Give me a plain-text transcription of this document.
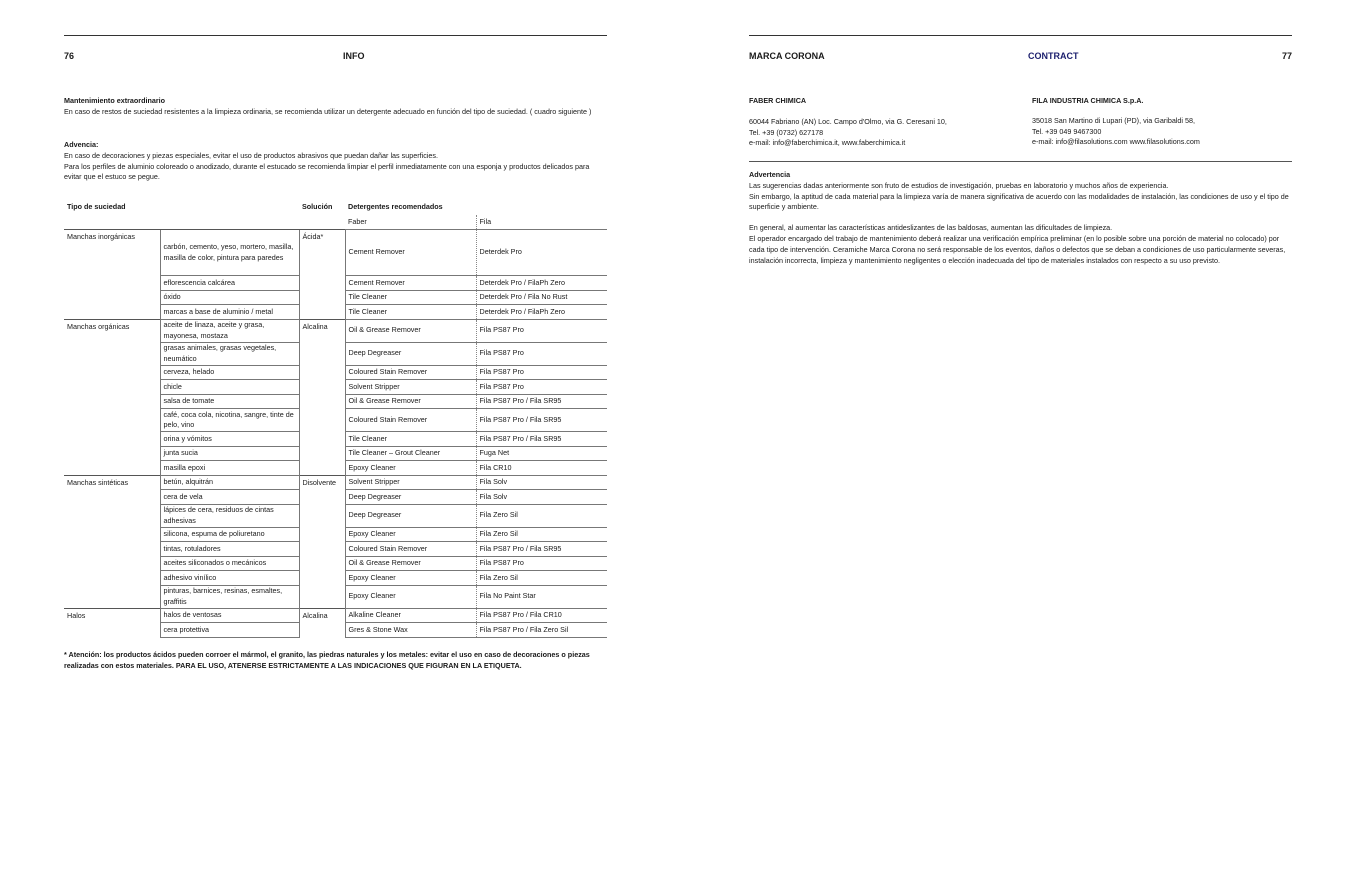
76	INFO
Mantenimiento extraordinario
En caso de restos de suciedad resistentes a la limpieza ordinaria, se recomienda utilizar un detergente adecuado en función del tipo de suciedad. ( cuadro siguiente )
Advencia:
En caso de decoraciones y piezas especiales, evitar el uso de productos abrasivos que puedan dañar las superficies.
Para los perfiles de aluminio coloreado o anodizado, durante el estucado se recomienda limpiar el perfil inmediatamente con una esponja y productos delicados para evitar que el estuco se pegue.
Tipo de suciedad		Solución	Detergentes recomendados	
			Faber	Fila
Manchas inorgánicas	carbón, cemento, yeso, mortero, masilla, masilla de color, pintura para paredes	Ácida*	Cement Remover	Deterdek Pro
	eflorescencia calcárea		Cement Remover	Deterdek Pro / FilaPh Zero
	óxido		Tile Cleaner	Deterdek Pro / Fila No Rust
	marcas a base de aluminio / metal		Tile Cleaner	Deterdek Pro / FilaPh Zero
Manchas orgánicas	aceite de linaza, aceite y grasa, mayonesa, mostaza	Alcalina	Oil & Grease Remover	Fila PS87 Pro
	grasas animales, grasas vegetales, neumático		Deep Degreaser	Fila PS87 Pro
	cerveza, helado		Coloured Stain Remover	Fila PS87 Pro
	chicle		Solvent Stripper	Fila PS87 Pro
	salsa de tomate		Oil & Grease Remover	Fila PS87 Pro / Fila SR95
	café, coca cola, nicotina, sangre, tinte de pelo, vino		Coloured Stain Remover	Fila PS87 Pro / Fila SR95
	orina y vómitos		Tile Cleaner	Fila PS87 Pro / Fila SR95
	junta sucia		Tile Cleaner – Grout Cleaner	Fuga Net
	masilla epoxi		Epoxy Cleaner	Fila CR10
Manchas sintéticas	betún, alquitrán	Disolvente	Solvent Stripper	Fila Solv
	cera de vela		Deep Degreaser	Fila Solv
	lápices de cera, residuos de cintas adhesivas		Deep Degreaser	Fila Zero Sil
	silicona, espuma de poliuretano		Epoxy Cleaner	Fila Zero Sil
	tintas, rotuladores		Coloured Stain Remover	Fila PS87 Pro / Fila SR95
	aceites siliconados o mecánicos		Oil & Grease Remover	Fila PS87 Pro
	adhesivo vinílico		Epoxy Cleaner	Fila Zero Sil
	pinturas, barnices, resinas, esmaltes, graffitis		Epoxy Cleaner	Fila No Paint Star
Halos	halos de ventosas	Alcalina	Alkaline Cleaner	Fila PS87 Pro / Fila CR10
	cera protettiva		Gres & Stone Wax	Fila PS87 Pro / Fila Zero Sil
* Atención: los productos ácidos pueden corroer el mármol, el granito, las piedras naturales y los metales: evitar el uso en caso de decoraciones o piezas realizadas con estos materiales. PARA EL USO, ATENERSE ESTRICTAMENTE A LAS INDICACIONES QUE FIGURAN EN LA ETIQUETA.
MARCA CORONA	CONTRACT	77
FABER CHIMICA
60044 Fabriano (AN) Loc. Campo d'Olmo, via G. Ceresani 10,
Tel. +39 (0732) 627178
e-mail: info@faberchimica.it, www.faberchimica.it
FILA INDUSTRIA CHIMICA S.p.A.
35018 San Martino di Lupari (PD), via Garibaldi 58,
Tel. +39 049 9467300
e-mail: info@filasolutions.com www.filasolutions.com
Advertencia
Las sugerencias dadas anteriormente son fruto de estudios de investigación, pruebas en laboratorio y muchos años de experiencia.
Sin embargo, la aptitud de cada material para la limpieza varía de manera significativa de acuerdo con las modalidades de instalación, las condiciones de uso y el tipo de superficie y ambiente.
En general, al aumentar las características antideslizantes de las baldosas, aumentan las dificultades de limpieza.
El operador encargado del trabajo de mantenimiento deberá realizar una verificación empírica preliminar (en lo posible sobre una porción de material no colocado) por cada tipo de intervención. Ceramiche Marca Corona no será responsable de los eventos, daños o defectos que se deban a condiciones de uso particularmente severas, instalación incorrecta, limpieza y mantenimiento negligentes o elección inadecuada del tipo de materiales instalados con respecto a su uso previsto.
